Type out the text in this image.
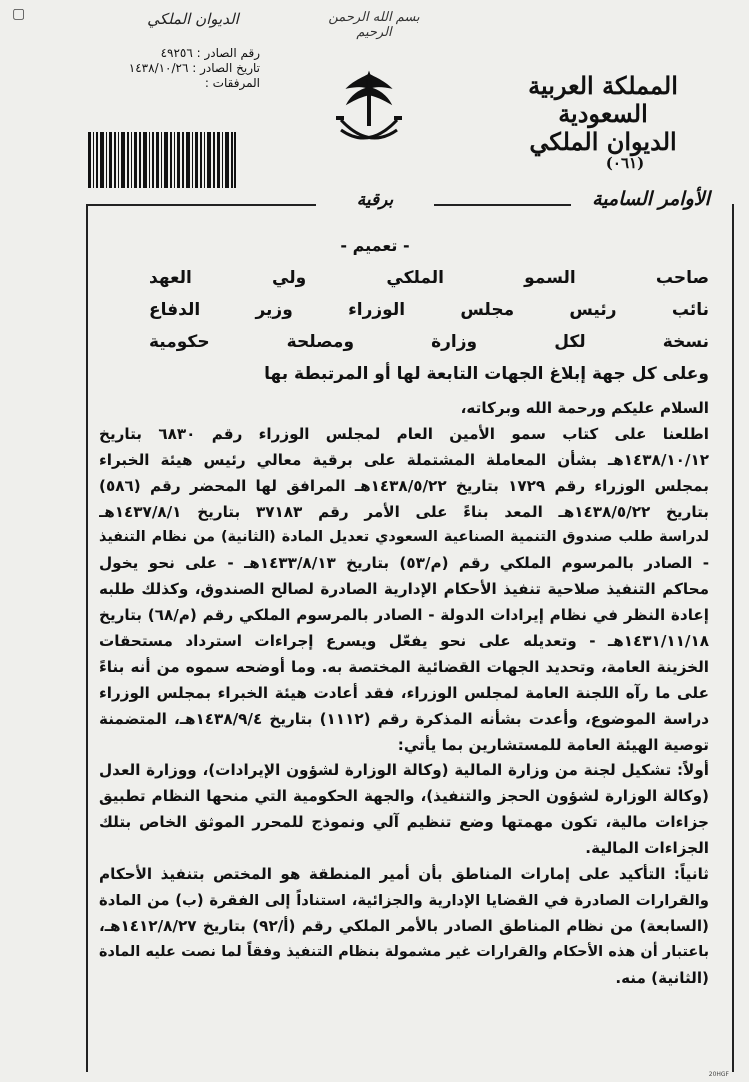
▢	الديوان الملكي	بسم الله الرحمن الرحيم
رقم الصادر : ٤٩٢٥٦
تاريخ الصادر : ١٤٣٨/١٠/٢٦
المرفقات :	المملكة العربية السعودية
الديوان الملكي
(٠٦١)
برقية	الأوامر السامية
- تعميم -
صاحب السمو الملكي ولي العهد
نائب رئيس مجلس الوزراء وزير الدفاع
نسخة لكل وزارة ومصلحة حكومية
وعلى كل جهة إبلاغ الجهات التابعة لها أو المرتبطة بها
السلام عليكم ورحمة الله وبركاته،
اطلعنا على كتاب سمو الأمين العام لمجلس الوزراء رقم ٦٨٣٠ بتاريخ
١٤٣٨/١٠/١٢هـ بشأن المعاملة المشتملة على برقية معالي رئيس هيئة الخبراء
بمجلس الوزراء رقم ١٧٢٩ بتاريخ ١٤٣٨/٥/٢٢هـ المرافق لها المحضر رقم (٥٨٦)
بتاريخ ١٤٣٨/٥/٢٢هـ المعد بناءً على الأمر رقم ٣٧١٨٣ بتاريخ ١٤٣٧/٨/١هـ
لدراسة طلب صندوق التنمية الصناعية السعودي تعديل المادة (الثانية) من نظام التنفيذ
- الصادر بالمرسوم الملكي رقم (م/٥٣) بتاريخ ١٤٣٣/٨/١٣هـ - على نحو يخول
محاكم التنفيذ صلاحية تنفيذ الأحكام الإدارية الصادرة لصالح الصندوق، وكذلك طلبه
إعادة النظر في نظام إيرادات الدولة - الصادر بالمرسوم الملكي رقم (م/٦٨) بتاريخ
١٤٣١/١١/١٨هـ - وتعديله على نحو يفعّل ويسرع إجراءات استرداد مستحقات
الخزينة العامة، وتحديد الجهات القضائية المختصة به. وما أوضحه سموه من أنه بناءً
على ما رآه اللجنة العامة لمجلس الوزراء، فقد أعادت هيئة الخبراء بمجلس الوزراء
دراسة الموضوع، وأعدت بشأنه المذكرة رقم (١١١٢) بتاريخ ١٤٣٨/٩/٤هـ، المتضمنة
توصية الهيئة العامة للمستشارين بما يأتي:
أولاً: تشكيل لجنة من وزارة المالية (وكالة الوزارة لشؤون الإيرادات)، ووزارة العدل
(وكالة الوزارة لشؤون الحجز والتنفيذ)، والجهة الحكومية التي منحها النظام تطبيق
جزاءات مالية، تكون مهمتها وضع تنظيم آلي ونموذج للمحرر الموثق الخاص بتلك
الجزاءات المالية.
ثانياً: التأكيد على إمارات المناطق بأن أمير المنطقة هو المختص بتنفيذ الأحكام
والقرارات الصادرة في القضايا الإدارية والجزائية، استناداً إلى الفقرة (ب) من المادة
(السابعة) من نظام المناطق الصادر بالأمر الملكي رقم (أ/٩٢) بتاريخ ١٤١٢/٨/٢٧هـ،
باعتبار أن هذه الأحكام والقرارات غير مشمولة بنظام التنفيذ وفقاً لما نصت عليه المادة
(الثانية) منه.
20HGF
